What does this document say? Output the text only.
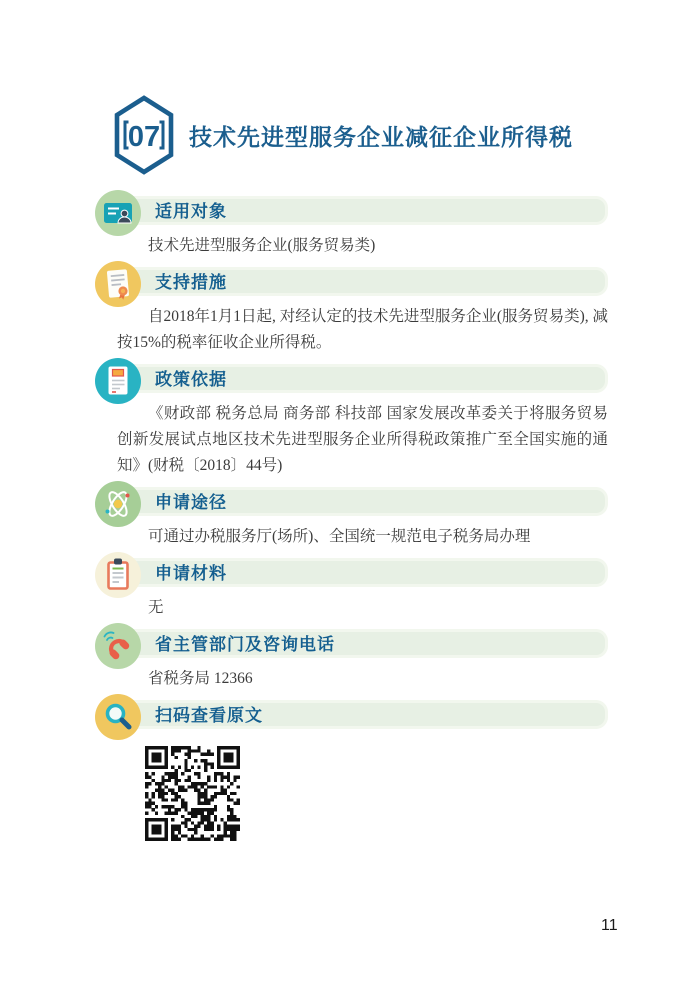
07 技术先进型服务企业减征企业所得税
适用对象

技术先进型服务企业(服务贸易类)

支持措施

自2018年1月1日起, 对经认定的技术先进型服务企业(服务贸易类), 减按15%的税率征收企业所得税。

政策依据

《财政部 税务总局 商务部 科技部 国家发展改革委关于将服务贸易创新发展试点地区技术先进型服务企业所得税政策推广至全国实施的通知》(财税〔2018〕44号)

申请途径

可通过办税服务厅(场所)、全国统一规范电子税务局办理

申请材料

无

省主管部门及咨询电话

省税务局 12366

扫码查看原文
11
